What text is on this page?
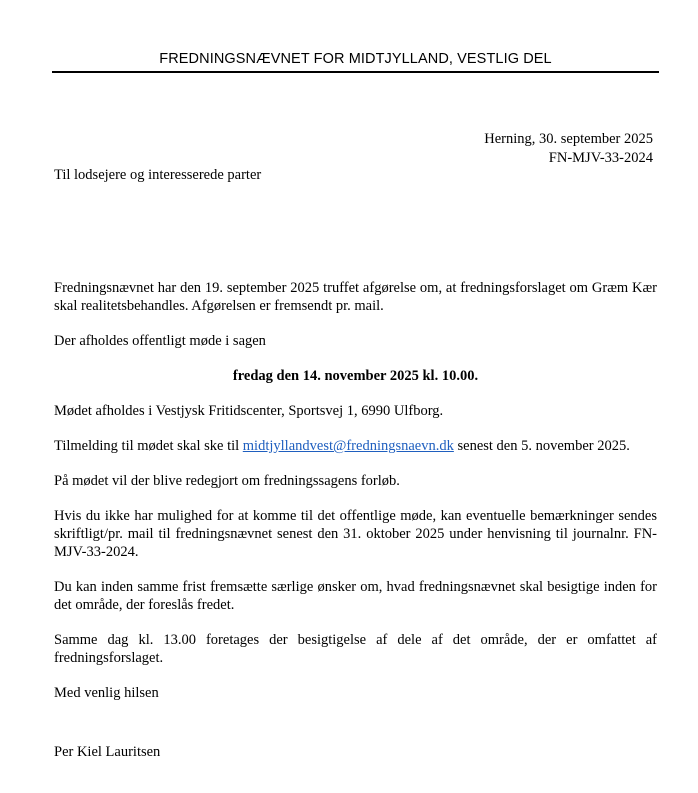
FREDNINGSNÆVNET FOR MIDTJYLLAND, VESTLIG DEL
Herning, 30. september 2025
FN-MJV-33-2024
Til lodsejere og interesserede parter

Fredningsnævnet har den 19. september 2025 truffet afgørelse om, at fredningsforslaget om Græm Kær skal realitetsbehandles. Afgørelsen er fremsendt pr. mail.

Der afholdes offentligt møde i sagen

fredag den 14. november 2025 kl. 10.00.

Mødet afholdes i Vestjysk Fritidscenter, Sportsvej 1, 6990 Ulfborg.

Tilmelding til mødet skal ske til midtjyllandvest@fredningsnaevn.dk senest den 5. november 2025.

På mødet vil der blive redegjort om fredningssagens forløb.

Hvis du ikke har mulighed for at komme til det offentlige møde, kan eventuelle bemærkninger sendes skriftligt/pr. mail til fredningsnævnet senest den 31. oktober 2025 under henvisning til journalnr. FN-MJV-33-2024.

Du kan inden samme frist fremsætte særlige ønsker om, hvad fredningsnævnet skal besigtige inden for det område, der foreslås fredet.

Samme dag kl. 13.00 foretages der besigtigelse af dele af det område, der er omfattet af fredningsforslaget.

Med venlig hilsen

Per Kiel Lauritsen
